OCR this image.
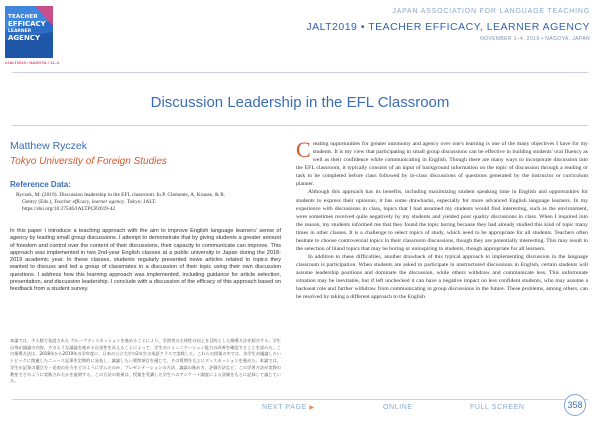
TEACHER
EFFICACY
LEARNER
AGENCY
#JALT2019 • NAGOYA • 11–4
JAPAN ASSOCIATION FOR LANGUAGE TEACHING
JALT2019 • TEACHER EFFICACY, LEARNER AGENCY
NOVEMBER 1–4, 2019 • NAGOYA, JAPAN
Discussion Leadership in the EFL Classroom
Matthew Ryczek
Tokyo University of Foreign Studies
Reference Data:
Ryczek, M. (2019). Discussion leadership in the EFL classroom. In P. Clements, A. Krause, & R.
Gentry (Eds.), Teacher efficacy, learner agency. Tokyo: JALT.
https://doi.org/10.37546/JALTPCP2019-42
In this paper I introduce a teaching approach with the aim to improve English language learners' sense of agency by leading small group discussions. I attempt to demonstrate that by giving students a greater amount of freedom and control over the content of their discussions, their capacity to communicate can improve. This approach was implemented in two 2nd-year English classes at a public university in Japan during the 2018-2019 academic year. In these classes, students regularly presented news articles related to topics they wanted to discuss and led a group of classmates in a discussion of their topic using their own discussion questions. I address how this learning approach was implemented, including guidance for article selection, presentation, and discussion leadership. I conclude with a discussion of the efficacy of this approach based on feedback from a student survey.
本論では、少人数で発話された グループディスカッションを進めることにより、学習者の主体性の向上を目的とした指導方法を紹介する。学生自身が議論の内容、そのような議論を進める自発性を具えることによって、学生のコミュニケーション能力の改善を確認することを試みた。この指導方法は、2018年から2019年の学年度に、日本の公立大学の2年生の英語クラスで実践した。これらの授業の中では、各学生が議論したいトピックに関連したニュース記事を定期的に発表し、議論したい質問項目を通じて、その質問をもとにディスカッションを進めた。本論では、学生が記事の選び方・発表の仕方をどのように学んだのか、プレゼンテーションの方法、議論の進め方、評価方法など、この学習方法が実際の教室でどのように実践されたかを説明する。この方法の効果は、授業を受講した学生へのアンケート調査による評価をもとに記録して論じている。

Creating opportunities for greater autonomy and agency over one's learning is one of the many objectives I have for my students. It is my view that participating in small group discussions can be effective in building students' oral fluency as well as their confidence while communicating in English. Though there are many ways to incorporate discussion into the EFL classroom, it typically consists of an input of background information on the topic of discussion through a reading or task to be completed before class followed by in-class discussions of questions generated by the instructor or curriculum planner.

Although this approach has its benefits, including maximizing student speaking time in English and opportunities for students to express their opinions, it has some drawbacks, especially for more advanced English language learners. In my experience with discussions in class, topics that I had assumed my students would find interesting, such as the environment, were sometimes received quite negatively by my students and yielded poor quality discussions in class. When I inquired into the reason, my students informed me that they found the topic boring because they had already studied this kind of topic many times in other classes. It is a challenge to select topics of study, which need to be appropriate for all students. Teachers often hesitate to choose controversial topics in their classroom discussions, though they are potentially interesting. This may result in the selection of bland topics that may be boring or uninspiring to students, though appropriate for all learners.

In addition to these difficulties, another drawback of this typical approach to implementing discussion in the language classroom is participation. When students are asked to participate in unstructured discussions in English, certain students will assume leadership positions and dominate the discussion, while others withdraw and communicate less. This unfortunate situation may be inevitable, but if left unchecked it can have a negative impact on less confident students, who may assume a backseat role and further withdraw from communicating in group discussions in the future. These problems, among others, can be resolved by taking a different approach to the English

NEXT PAGE ▶	ONLINE	FULL SCREEN	358
